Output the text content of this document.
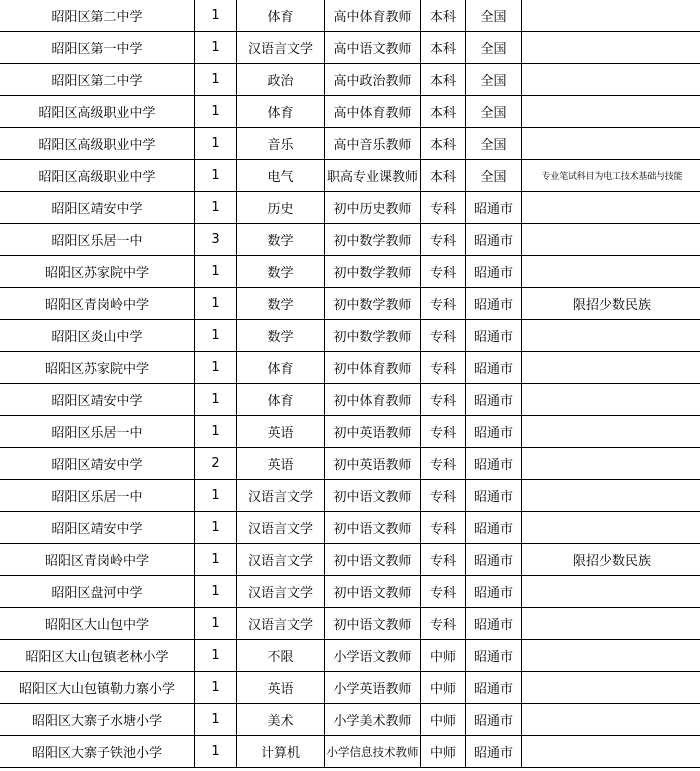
昭阳区第二中学	1	体育	高中体育教师	本科	全国	
昭阳区第一中学	1	汉语言文学	高中语文教师	本科	全国	
昭阳区第二中学	1	政治	高中政治教师	本科	全国	
昭阳区高级职业中学	1	体育	高中体育教师	本科	全国	
昭阳区高级职业中学	1	音乐	高中音乐教师	本科	全国	
昭阳区高级职业中学	1	电气	职高专业课教师	本科	全国	专业笔试科目为电工技术基础与技能
昭阳区靖安中学	1	历史	初中历史教师	专科	昭通市	
昭阳区乐居一中	3	数学	初中数学教师	专科	昭通市	
昭阳区苏家院中学	1	数学	初中数学教师	专科	昭通市	
昭阳区青岗岭中学	1	数学	初中数学教师	专科	昭通市	限招少数民族
昭阳区炎山中学	1	数学	初中数学教师	专科	昭通市	
昭阳区苏家院中学	1	体育	初中体育教师	专科	昭通市	
昭阳区靖安中学	1	体育	初中体育教师	专科	昭通市	
昭阳区乐居一中	1	英语	初中英语教师	专科	昭通市	
昭阳区靖安中学	2	英语	初中英语教师	专科	昭通市	
昭阳区乐居一中	1	汉语言文学	初中语文教师	专科	昭通市	
昭阳区靖安中学	1	汉语言文学	初中语文教师	专科	昭通市	
昭阳区青岗岭中学	1	汉语言文学	初中语文教师	专科	昭通市	限招少数民族
昭阳区盘河中学	1	汉语言文学	初中语文教师	专科	昭通市	
昭阳区大山包中学	1	汉语言文学	初中语文教师	专科	昭通市	
昭阳区大山包镇老林小学	1	不限	小学语文教师	中师	昭通市	
昭阳区大山包镇勒力寨小学	1	英语	小学英语教师	中师	昭通市	
昭阳区大寨子水塘小学	1	美术	小学美术教师	中师	昭通市	
昭阳区大寨子铁池小学	1	计算机	小学信息技术教师	中师	昭通市	
